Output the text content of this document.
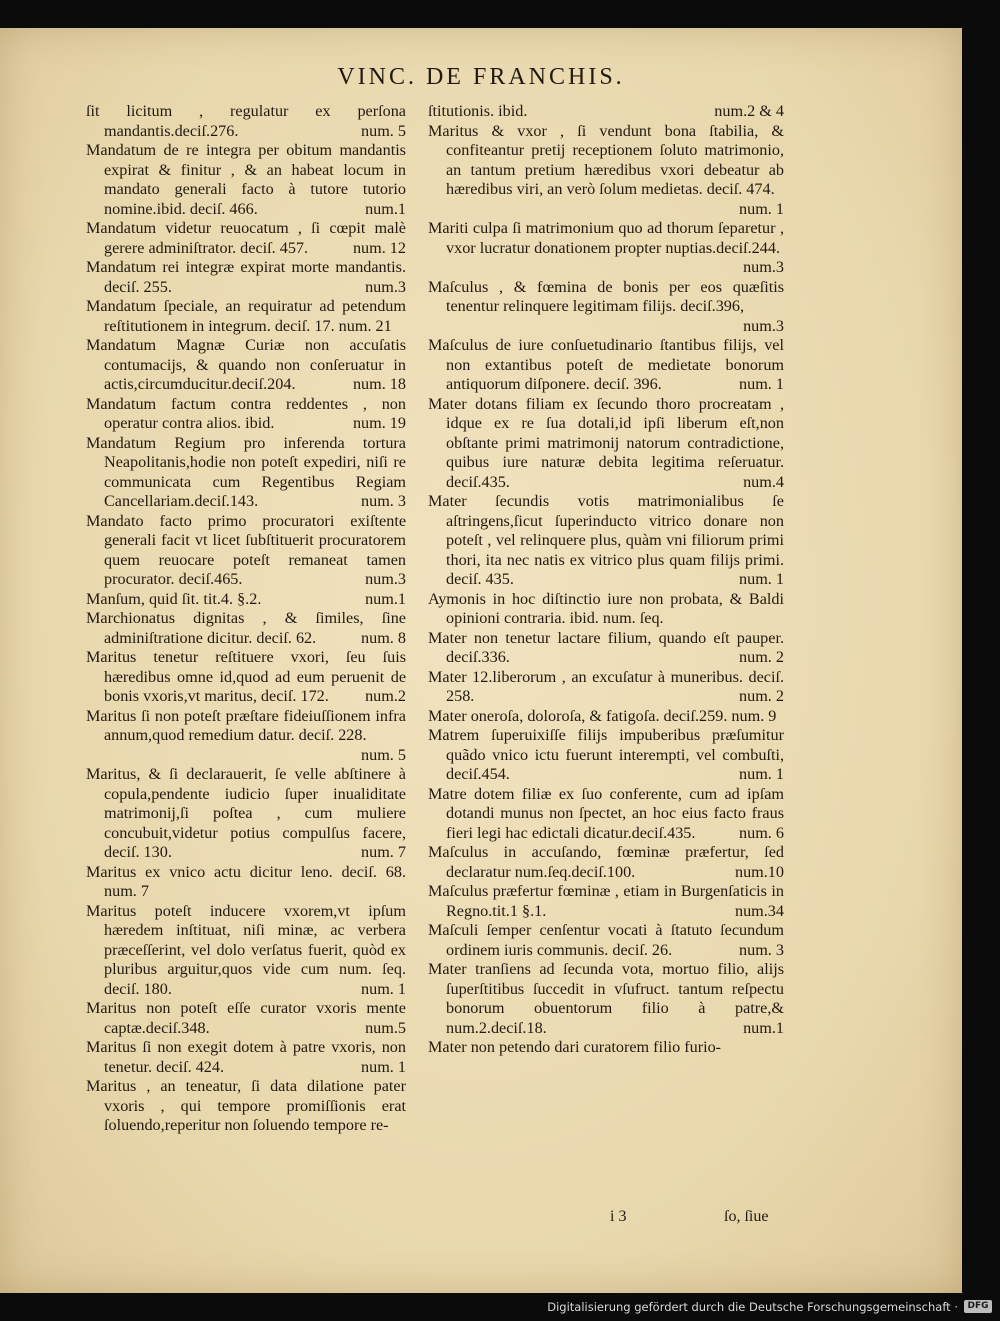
VINC. DE FRANCHIS.

ſit licitum , regulatur ex perſona mandantis.deciſ.276.	num. 5

Mandatum de re integra per obitum mandantis expirat & finitur , & an habeat locum in mandato generali facto à tutore tutorio nomine.ibid. deciſ. 466.	num.1

Mandatum videtur reuocatum , ſi cœpit malè gerere adminiſtrator. deciſ. 457.	num. 12

Mandatum rei integræ expirat morte mandantis. deciſ. 255.	num.3

Mandatum ſpeciale, an requiratur ad petendum reſtitutionem in integrum. deciſ. 17. num. 21

Mandatum Magnæ Curiæ non accuſatis contumacijs, & quando non conſeruatur in actis,circumducitur.deciſ.204.	num. 18

Mandatum factum contra reddentes , non operatur contra alios. ibid.	num. 19

Mandatum Regium pro inferenda tortura Neapolitanis,hodie non poteſt expediri, niſi re communicata cum Regentibus Regiam Cancellariam.deciſ.143.	num. 3

Mandato facto primo procuratori exiſtente generali facit vt licet ſubſtituerit procuratorem quem reuocare poteſt remaneat tamen procurator. deciſ.465.	num.3

Manſum, quid ſit. tit.4. §.2.	num.1

Marchionatus dignitas , & ſimiles, ſine adminiſtratione dicitur. deciſ. 62.	num. 8

Maritus tenetur reſtituere vxori, ſeu ſuis hæredibus omne id,quod ad eum peruenit de bonis vxoris,vt maritus, deciſ. 172.	num.2

Maritus ſi non poteſt præſtare fideiuſſionem infra annum,quod remedium datur. deciſ. 228.
num. 5

Maritus, & ſi declarauerit, ſe velle abſtinere à copula,pendente iudicio ſuper inualiditate matrimonij,ſi poſtea , cum muliere concubuit,videtur potius compulſus facere, deciſ. 130.	num. 7

Maritus ex vnico actu dicitur leno. deciſ. 68. num. 7

Maritus poteſt inducere vxorem,vt ipſum hæredem inſtituat, niſi minæ, ac verbera præceſſerint, vel dolo verſatus fuerit, quòd ex pluribus arguitur,quos vide cum num. ſeq. deciſ. 180.	num. 1

Maritus non poteſt eſſe curator vxoris mente captæ.deciſ.348.	num.5

Maritus ſi non exegit dotem à patre vxoris, non tenetur. deciſ. 424.	num. 1

Maritus , an teneatur, ſi data dilatione pater vxoris , qui tempore promiſſionis erat ſoluendo,reperitur non ſoluendo tempore re-

ſtitutionis. ibid.	num.2 & 4

Maritus & vxor , ſi vendunt bona ſtabilia, & confiteantur pretij receptionem ſoluto matrimonio, an tantum pretium hæredibus vxori debeatur ab hæredibus viri, an verò ſolum medietas. deciſ. 474.
num. 1

Mariti culpa ſi matrimonium quo ad thorum ſeparetur , vxor lucratur donationem propter nuptias.deciſ.244.
num.3

Maſculus , & fœmina de bonis per eos quæſitis tenentur relinquere legitimam filijs. deciſ.396,
num.3

Maſculus de iure conſuetudinario ſtantibus filijs, vel non extantibus poteſt de medietate bonorum antiquorum diſponere. deciſ. 396.	num. 1

Mater dotans filiam ex ſecundo thoro procreatam , idque ex re ſua dotali,id ipſi liberum eſt,non obſtante primi matrimonij natorum contradictione, quibus iure naturæ debita legitima reſeruatur. deciſ.435.	num.4

Mater ſecundis votis matrimonialibus ſe aſtringens,ſicut ſuperinducto vitrico donare non poteſt , vel relinquere plus, quàm vni filiorum primi thori, ita nec natis ex vitrico plus quam filijs primi. deciſ. 435.	num. 1

Aymonis in hoc diſtinctio iure non probata, & Baldi opinioni contraria. ibid. num. ſeq.

Mater non tenetur lactare filium, quando eſt pauper. deciſ.336.	num. 2

Mater 12.liberorum , an excuſatur à muneribus. deciſ. 258.	num. 2

Mater oneroſa, doloroſa, & fatigoſa. deciſ.259. num. 9

Matrem ſuperuixiſſe filijs impuberibus præſumitur quãdo vnico ictu fuerunt interempti, vel combuſti, deciſ.454.	num. 1

Matre dotem filiæ ex ſuo conferente, cum ad ipſam dotandi munus non ſpectet, an hoc eius facto fraus fieri legi hac edictali dicatur.deciſ.435.	num. 6

Maſculus in accuſando, fœminæ præfertur, ſed declaratur num.ſeq.deciſ.100.	num.10

Maſculus præfertur fœminæ , etiam in Burgenſaticis in Regno.tit.1 §.1.	num.34

Maſculi ſemper cenſentur vocati à ſtatuto ſecundum ordinem iuris communis. deciſ. 26.	num. 3

Mater tranſiens ad ſecunda vota, mortuo filio, alijs ſuperſtitibus ſuccedit in vſufruct. tantum reſpectu bonorum obuentorum filio à patre,& num.2.deciſ.18.	num.1

Mater non petendo dari curatorem filio furio-

i 3	ſo, ſiue
Digitalisierung gefördert durch die Deutsche Forschungsgemeinschaft ·	DFG
